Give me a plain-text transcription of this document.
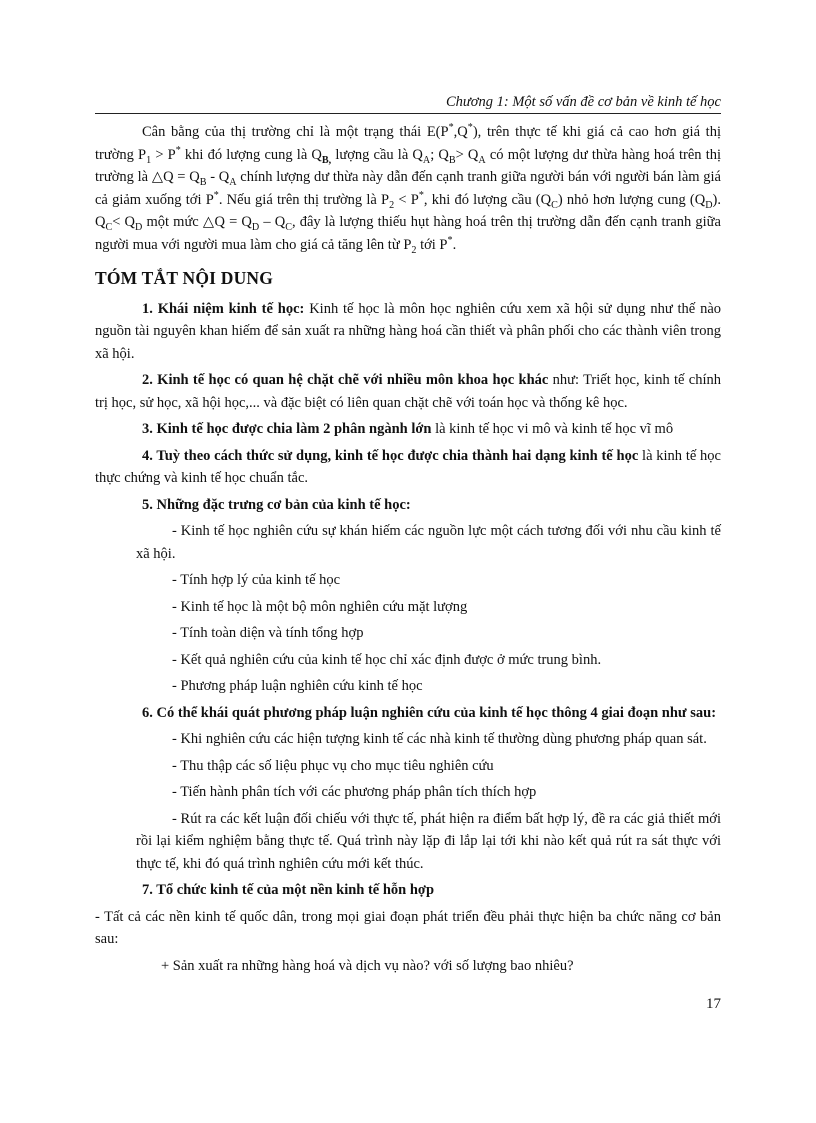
Chương 1: Một số vấn đề cơ bản về kinh tế học

Cân bằng của thị trường chỉ là một trạng thái E(P*,Q*), trên thực tế khi giá cả cao hơn giá thị trường $P_1 > P^*$ khi đó lượng cung là $Q_{B,}$ lượng cầu là $Q_A$; $Q_B> Q_A$ có một lượng dư thừa hàng hoá trên thị trường là △Q = $Q_B - Q_A$ chính lượng dư thừa này dẫn đến cạnh tranh giữa người bán với người bán làm giá cả giảm xuống tới P*. Nếu giá trên thị trường là $P_2 < P^*$, khi đó lượng cầu $(Q_C)$ nhỏ hơn lượng cung $(Q_D)$. $Q_C< Q_D$ một mức △Q = $Q_D - Q_C$, đây là lượng thiếu hụt hàng hoá trên thị trường dẫn đến cạnh tranh giữa người mua với người mua làm cho giá cả tăng lên từ $P_2$ tới P*.

TÓM TẮT NỘI DUNG

1. Khái niệm kinh tế học: Kinh tế học là môn học nghiên cứu xem xã hội sử dụng như thế nào nguồn tài nguyên khan hiếm để sản xuất ra những hàng hoá cần thiết và phân phối cho các thành viên trong xã hội.

2. Kinh tế học có quan hệ chặt chẽ với nhiều môn khoa học khác như: Triết học, kinh tế chính trị học, sử học, xã hội học,... và đặc biệt có liên quan chặt chẽ với toán học và thống kê học.

3. Kinh tế học được chia làm 2 phân ngành lớn là kinh tế học vi mô và kinh tế học vĩ mô

4. Tuỳ theo cách thức sử dụng, kinh tế học được chia thành hai dạng kinh tế học là kinh tế học thực chứng và kinh tế học chuẩn tắc.

5. Những đặc trưng cơ bản của kinh tế học:

- Kinh tế học nghiên cứu sự khán hiếm các nguồn lực một cách tương đối với nhu cầu kinh tế xã hội.

- Tính hợp lý của kinh tế học

- Kinh tế học là một bộ môn nghiên cứu mặt lượng

- Tính toàn diện và tính tổng hợp

- Kết quả nghiên cứu của kinh tế học chỉ xác định được ở mức trung bình.

- Phương pháp luận nghiên cứu kinh tế học

6. Có thể khái quát phương pháp luận nghiên cứu của kinh tế học thông 4 giai đoạn như sau:

- Khi nghiên cứu các hiện tượng kinh tế các nhà kinh tế thường dùng phương pháp quan sát.

- Thu thập các số liệu phục vụ cho mục tiêu nghiên cứu

- Tiến hành phân tích với các phương pháp phân tích thích hợp

- Rút ra các kết luận đối chiếu với thực tế, phát hiện ra điểm bất hợp lý, đề ra các giả thiết mới rồi lại kiểm nghiệm bằng thực tế. Quá trình này lặp đi lắp lại tới khi nào kết quả rút ra sát thực với thực tế, khi đó quá trình nghiên cứu mới kết thúc.

7. Tổ chức kinh tế của một nền kinh tế hỗn hợp

- Tất cả các nền kinh tế quốc dân, trong mọi giai đoạn phát triển đều phải thực hiện ba chức năng cơ bản sau:

+ Sản xuất ra những hàng hoá và dịch vụ nào? với số lượng bao nhiêu?

17
